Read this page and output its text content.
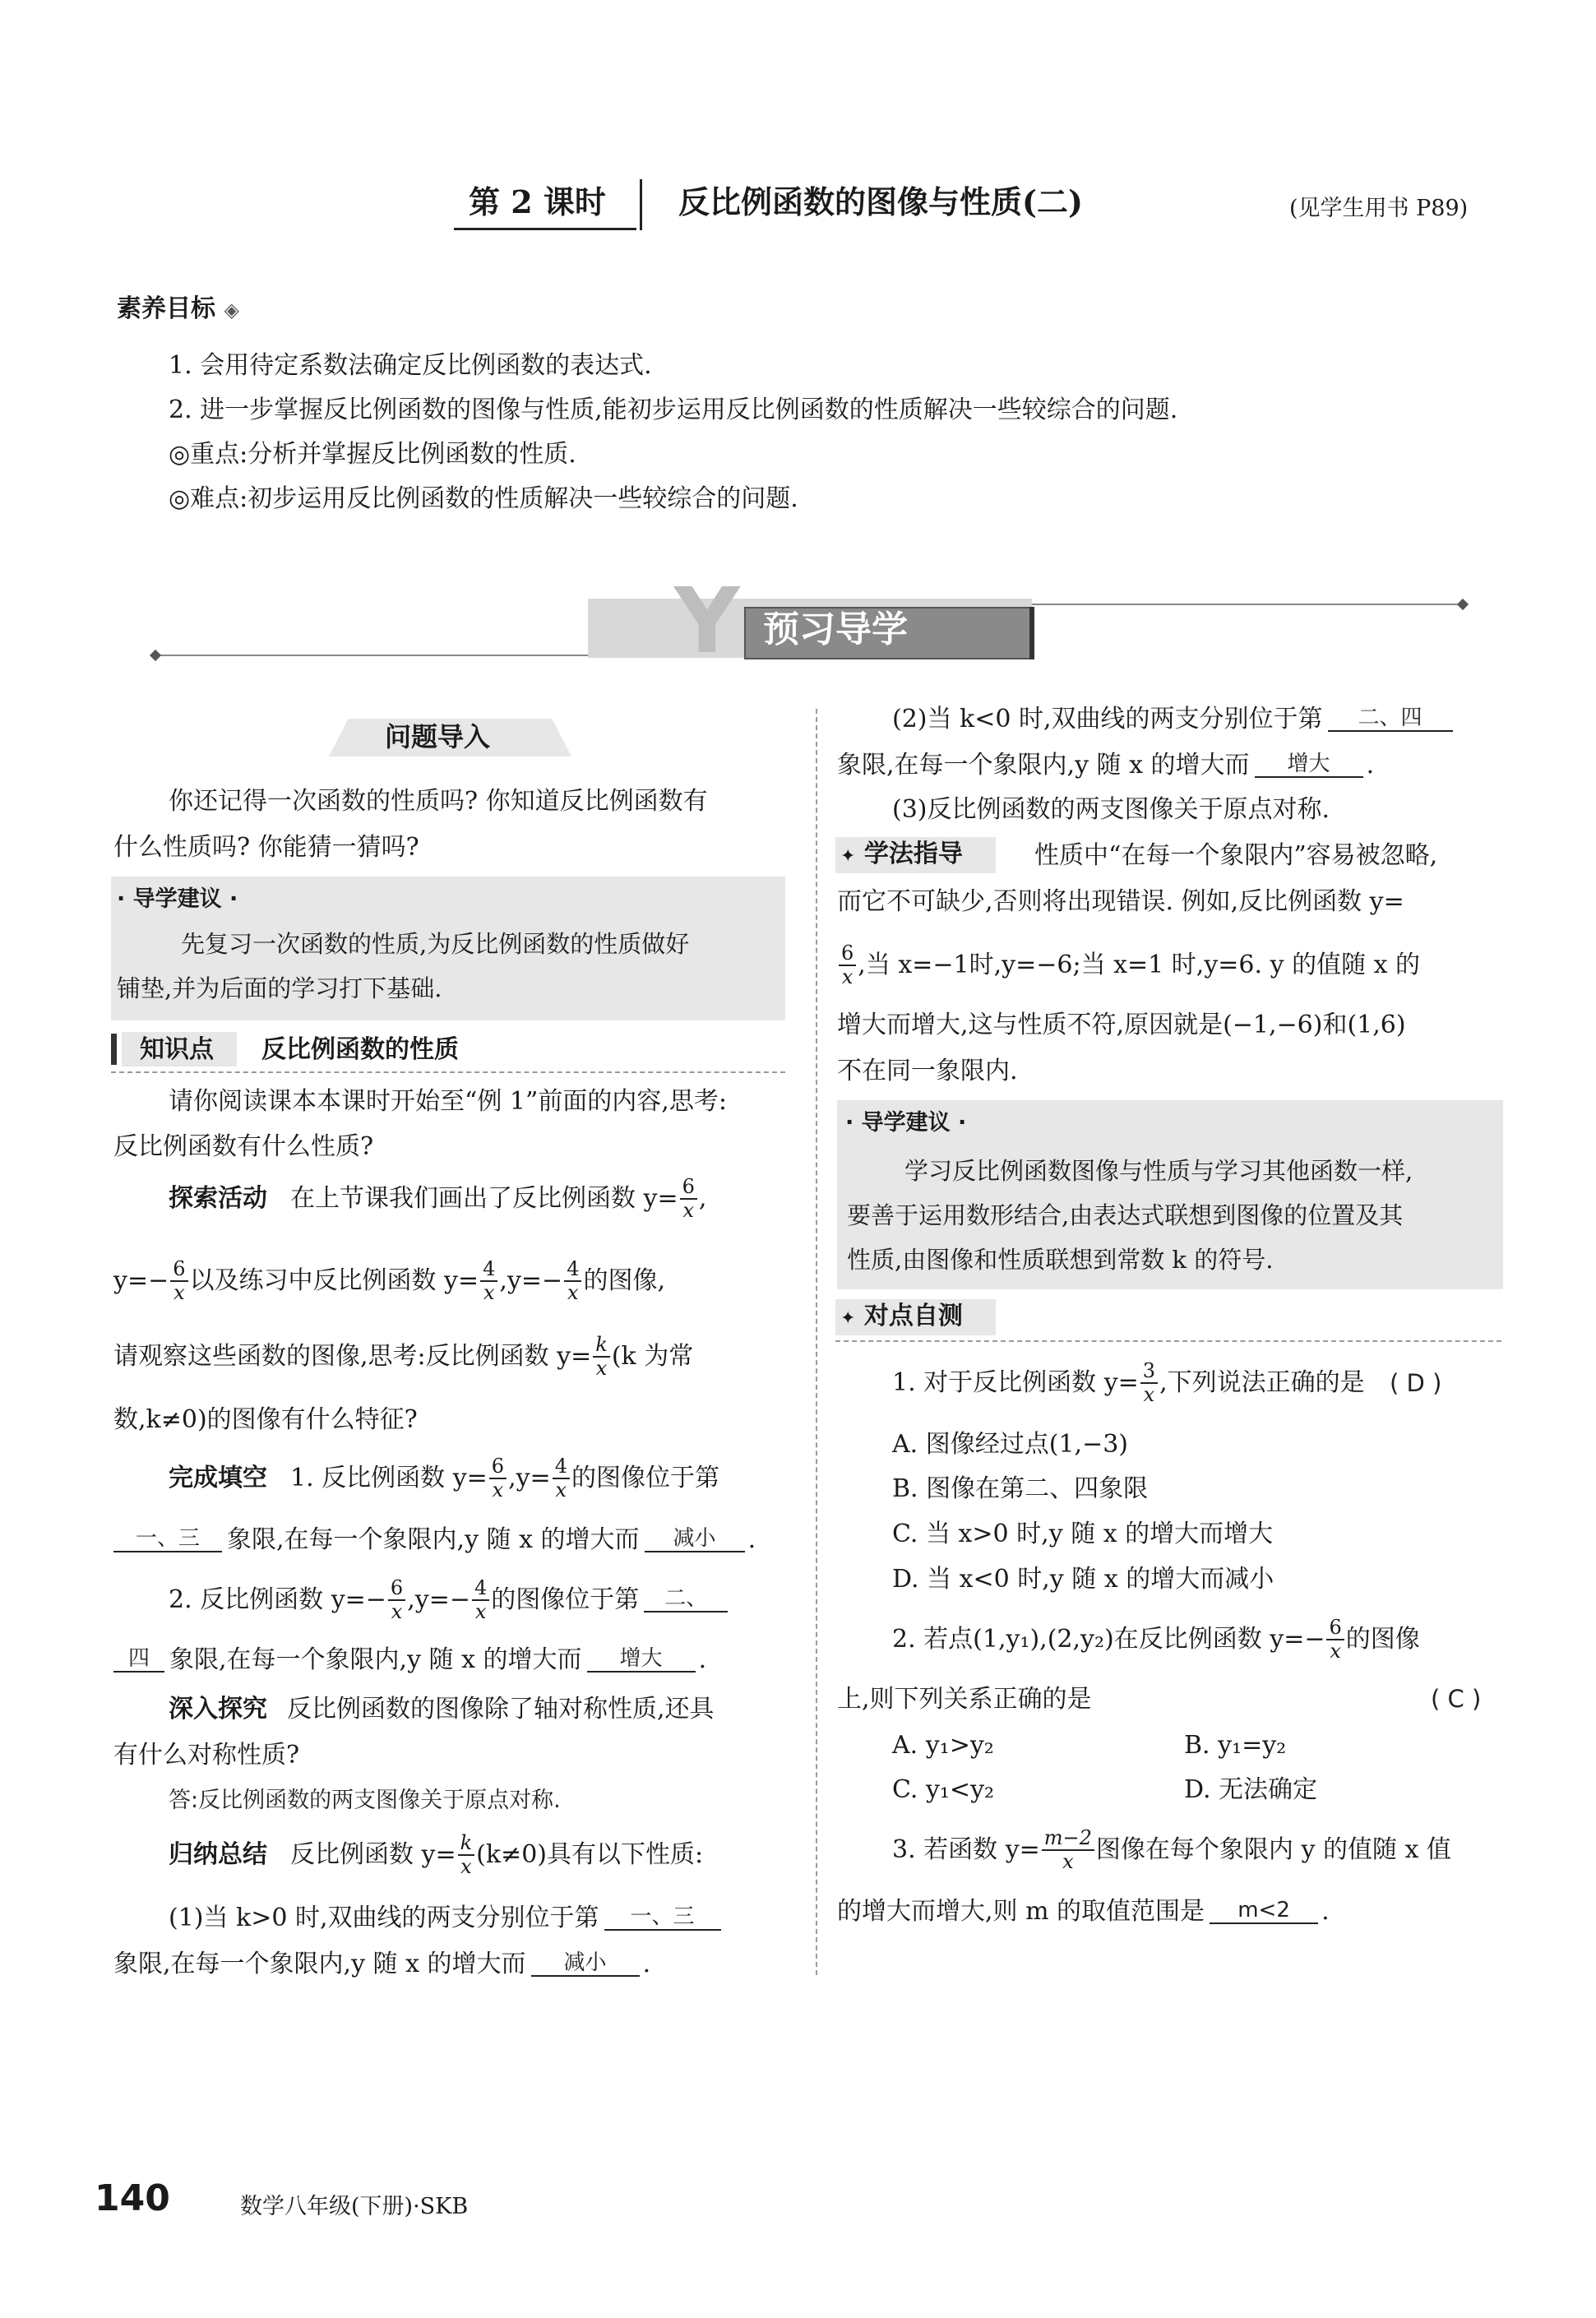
第 2 课时 反比例函数的图像与性质(二)	(见学生用书 P89)
素养目标 ◈
1. 会用待定系数法确定反比例函数的表达式.
2. 进一步掌握反比例函数的图像与性质,能初步运用反比例函数的性质解决一些较综合的问题.
◎重点:分析并掌握反比例函数的性质.
◎难点:初步运用反比例函数的性质解决一些较综合的问题.
Y 预习导学
问题导入
你还记得一次函数的性质吗? 你知道反比例函数有
什么性质吗? 你能猜一猜吗?
· 导学建议 ·
先复习一次函数的性质,为反比例函数的性质做好
铺垫,并为后面的学习打下基础.
知识点 反比例函数的性质
请你阅读课本本课时开始至“例 1”前面的内容,思考:
反比例函数有什么性质?
探索活动 在上节课我们画出了反比例函数 $y= \frac{6}{x}$ ,
$y=- \frac{6}{x}$ 以及练习中反比例函数 $y= \frac{4}{x} ,y=- \frac{4}{x}$ 的图像,
请观察这些函数的图像,思考:反比例函数 $y= \frac{k}{x} (k$ 为常
数,k≠0)的图像有什么特征?
完成填空 1. 反比例函数 $y= \frac{6}{x} ,y= \frac{4}{x}$ 的图像位于第
一、三	象限,在每一个象限内,y 随 x 的增大而	减小	.
2. 反比例函数 $y=- \frac{6}{x} ,y=- \frac{4}{x}$ 的图像位于第	二、
四 象限,在每一个象限内,y 随 x 的增大而	增大	.
深入探究 反比例函数的图像除了轴对称性质,还具
有什么对称性质?
答:反比例函数的两支图像关于原点对称.
归纳总结 反比例函数 $y= \frac{k}{x} (k\ne 0)$具有以下性质:
(1)当 k>0 时,双曲线的两支分别位于第	一、三
象限,在每一个象限内,y 随 x 的增大而	减小	.
(2)当 k<0 时,双曲线的两支分别位于第	二、四
象限,在每一个象限内,y 随 x 的增大而	增大	.
(3)反比例函数的两支图像关于原点对称.
✦ 学法指导	性质中“在每一个象限内”容易被忽略,
而它不可缺少,否则将出现错误. 例如,反比例函数 y=
$\frac{6}{x}$ ,当 x=−1时,y=−6;当 x=1 时,y=6. y 的值随 x 的
增大而增大,这与性质不符,原因就是(−1,−6)和(1,6)
不在同一象限内.
· 导学建议 ·
学习反比例函数图像与性质与学习其他函数一样,
要善于运用数形结合,由表达式联想到图像的位置及其
性质,由图像和性质联想到常数 k 的符号.
✦ 对点自测
1. 对于反比例函数 $y= \frac{3}{x}$ ,下列说法正确的是 ( D )
A. 图像经过点(1,−3)
B. 图像在第二、四象限
C. 当 x>0 时,y 随 x 的增大而增大
D. 当 x<0 时,y 随 x 的增大而减小
2. 若点(1,y₁),(2,y₂)在反比例函数 $y=- \frac{6}{x}$ 的图像
上,则下列关系正确的是	( C )
A. y₁>y₂	B. y₁=y₂
C. y₁<y₂	D. 无法确定
3. 若函数 $y= \frac{m-2}{x}$ 图像在每个象限内 y 的值随 x 值
的增大而增大,则 m 的取值范围是	m<2	.
140	数学八年级(下册)·SKB
